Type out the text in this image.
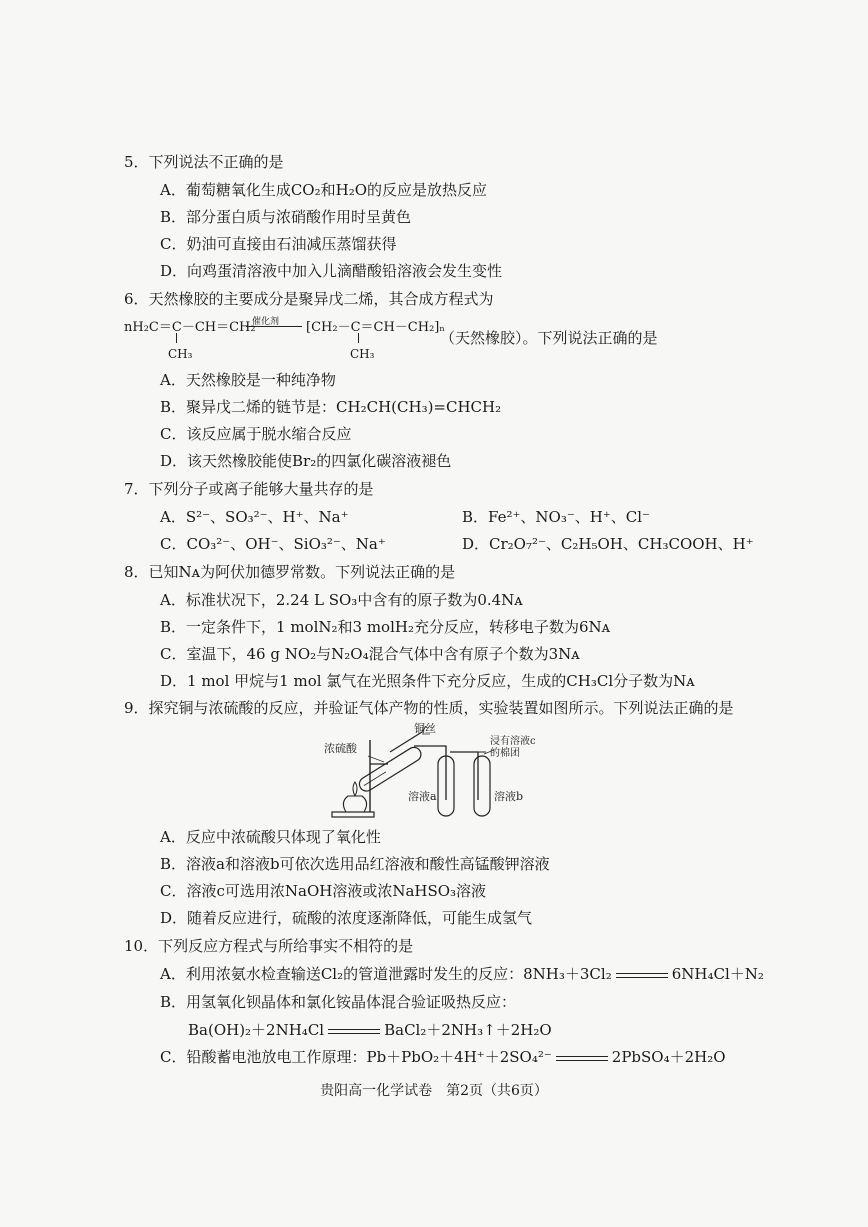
5．下列说法不正确的是
A．葡萄糖氧化生成CO₂和H₂O的反应是放热反应
B．部分蛋白质与浓硝酸作用时呈黄色
C．奶油可直接由石油减压蒸馏获得
D．向鸡蛋清溶液中加入儿滴醋酸铅溶液会发生变性
6．天然橡胶的主要成分是聚异戊二烯，其合成方程式为
nH₂C＝C－CH＝CH₂
催化剂 [CH₂－C＝CH－CH₂]ₙ
CH₃	CH₃
（天然橡胶）。下列说法正确的是
A．天然橡胶是一种纯净物
B．聚异戊二烯的链节是：CH₂CH(CH₃)=CHCH₂
C．该反应属于脱水缩合反应
D．该天然橡胶能使Br₂的四氯化碳溶液褪色
7．下列分子或离子能够大量共存的是
A．S²⁻、SO₃²⁻、H⁺、Na⁺	B．Fe²⁺、NO₃⁻、H⁺、Cl⁻
C．CO₃²⁻、OH⁻、SiO₃²⁻、Na⁺	D．Cr₂O₇²⁻、C₂H₅OH、CH₃COOH、H⁺
8．已知Nᴀ为阿伏加德罗常数。下列说法正确的是
A．标准状况下，2.24 L SO₃中含有的原子数为0.4Nᴀ
B．一定条件下，1 molN₂和3 molH₂充分反应，转移电子数为6Nᴀ
C．室温下，46 g NO₂与N₂O₄混合气体中含有原子个数为3Nᴀ
D．1 mol 甲烷与1 mol 氯气在光照条件下充分反应，生成的CH₃Cl分子数为Nᴀ
9．探究铜与浓硫酸的反应，并验证气体产物的性质，实验装置如图所示。下列说法正确的是
铜丝
浓硫酸
浸有溶液c
的棉团
溶液a	溶液b
A．反应中浓硫酸只体现了氧化性
B．溶液a和溶液b可依次选用品红溶液和酸性高锰酸钾溶液
C．溶液c可选用浓NaOH溶液或浓NaHSO₃溶液
D．随着反应进行，硫酸的浓度逐渐降低，可能生成氢气
10．下列反应方程式与所给事实不相符的是
A．利用浓氨水检查输送Cl₂的管道泄露时发生的反应：8NH₃＋3Cl₂	6NH₄Cl＋N₂
B．用氢氧化钡晶体和氯化铵晶体混合验证吸热反应：
Ba(OH)₂＋2NH₄Cl	BaCl₂＋2NH₃↑＋2H₂O
C．铅酸蓄电池放电工作原理：Pb＋PbO₂＋4H⁺＋2SO₄²⁻	2PbSO₄＋2H₂O
贵阳高一化学试卷　第2页（共6页）
